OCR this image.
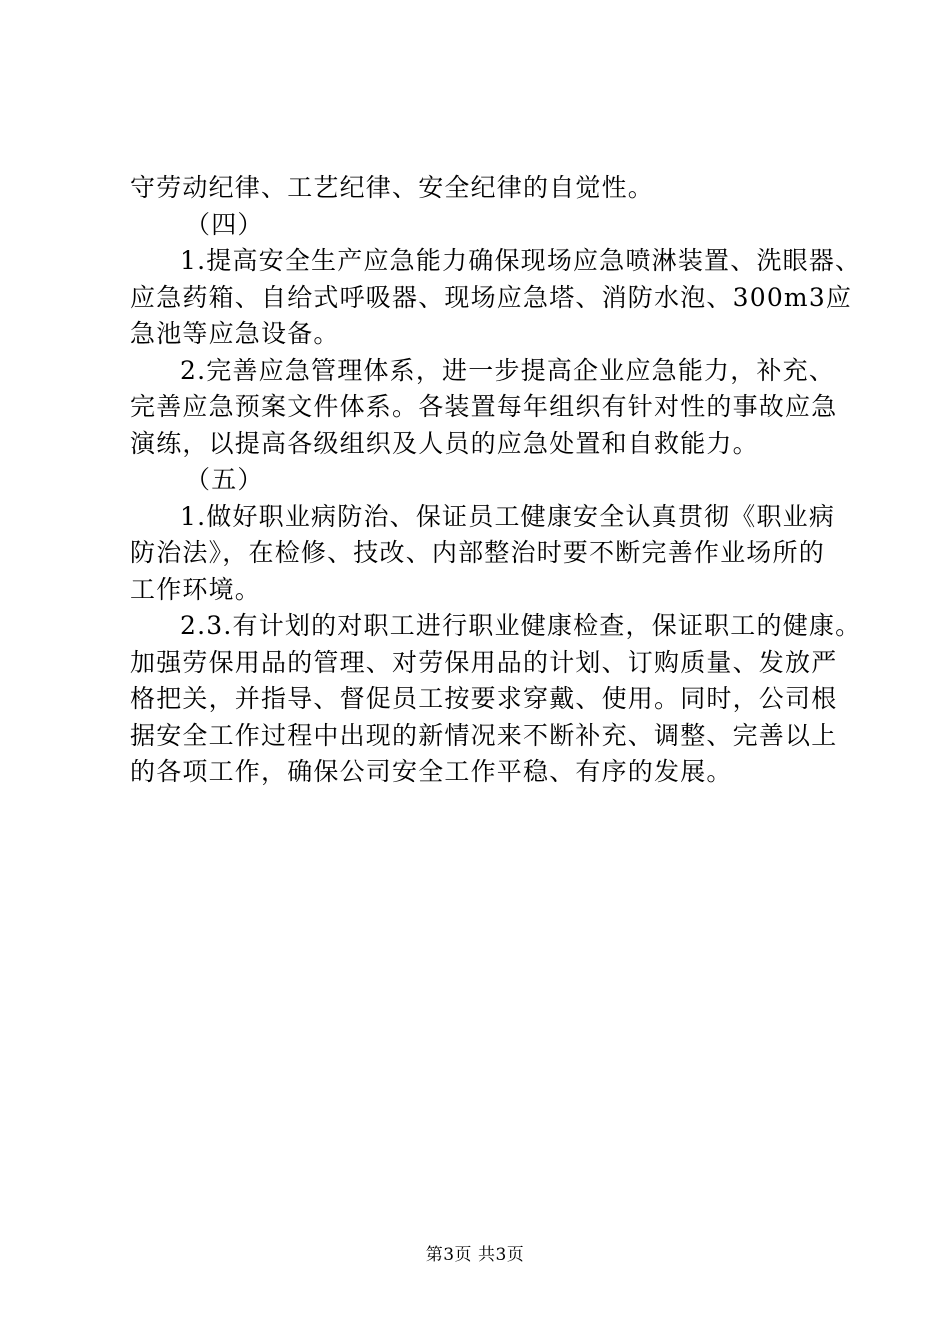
守劳动纪律、工艺纪律、安全纪律的自觉性。
（四）
1.提高安全生产应急能力确保现场应急喷淋装置、洗眼器、
应急药箱、自给式呼吸器、现场应急塔、消防水泡、300m3应
急池等应急设备。
2.完善应急管理体系，进一步提高企业应急能力，补充、
完善应急预案文件体系。各装置每年组织有针对性的事故应急
演练，以提高各级组织及人员的应急处置和自救能力。
（五）
1.做好职业病防治、保证员工健康安全认真贯彻《职业病
防治法》，在检修、技改、内部整治时要不断完善作业场所的
工作环境。
2.3.有计划的对职工进行职业健康检查，保证职工的健康。
加强劳保用品的管理、对劳保用品的计划、订购质量、发放严
格把关，并指导、督促员工按要求穿戴、使用。同时，公司根
据安全工作过程中出现的新情况来不断补充、调整、完善以上
的各项工作，确保公司安全工作平稳、有序的发展。
第3页 共3页
